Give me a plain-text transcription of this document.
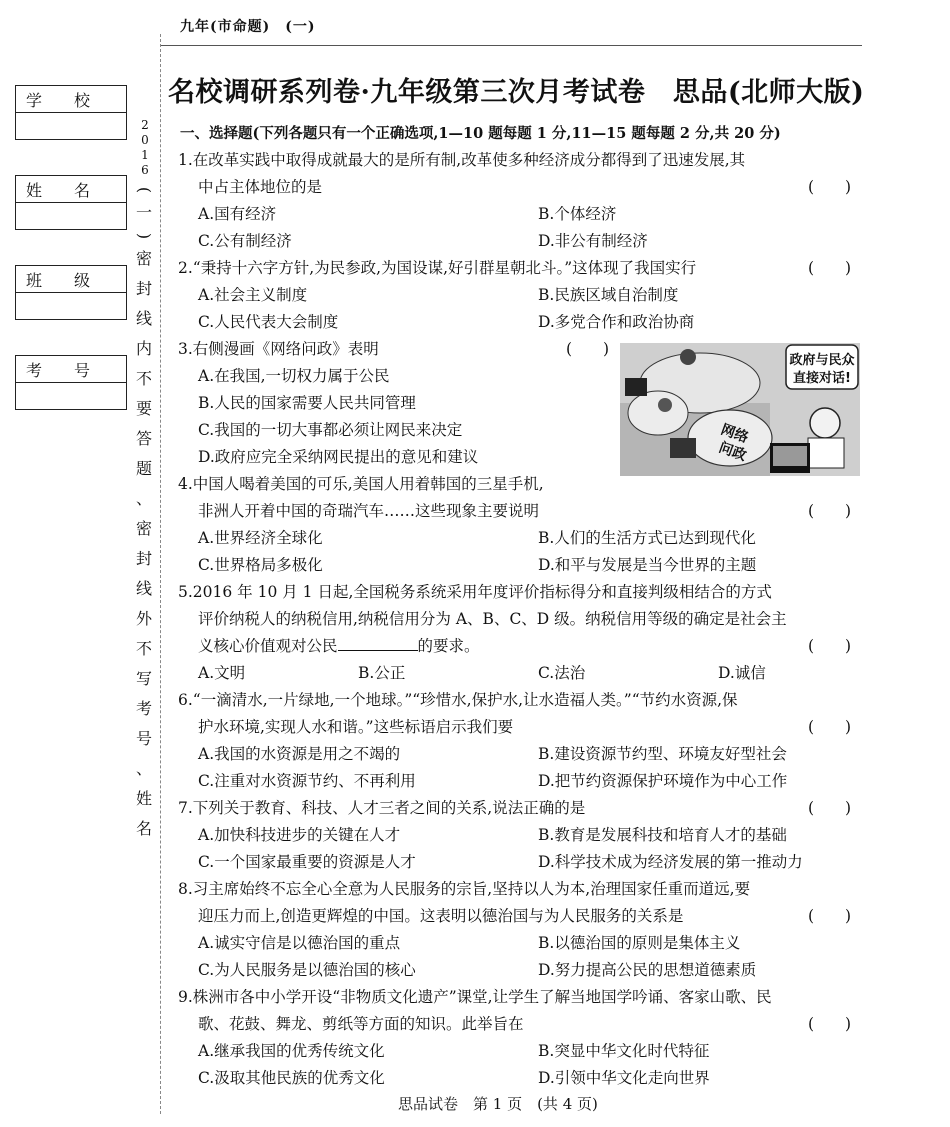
九年(市命题)　(一)
学　　校
姓　　名
班　　级
考　　号
2
0
1
6
(
一
)
密
封
线
内
不
要
答
题
、
密
封
线
外
不
写
考
号
、
姓
名
名校调研系列卷·九年级第三次月考试卷　思品(北师大版)
一、选择题(下列各题只有一个正确选项,1—10 题每题 1 分,11—15 题每题 2 分,共 20 分)
1.在改革实践中取得成就最大的是所有制,改革使多种经济成分都得到了迅速发展,其
中占主体地位的是	(　　)
A.国有经济	B.个体经济
C.公有制经济	D.非公有制经济
2.“秉持十六字方针,为民参政,为国设谋,好引群星朝北斗。”这体现了我国实行	(　　)
A.社会主义制度	B.民族区域自治制度
C.人民代表大会制度	D.多党合作和政治协商
3.右侧漫画《网络问政》表明	(　　)
A.在我国,一切权力属于公民
B.人民的国家需要人民共同管理
C.我国的一切大事都必须让网民来决定
D.政府应完全采纳网民提出的意见和建议
政府与民众
直接对话!
网络
问政
4.中国人喝着美国的可乐,美国人用着韩国的三星手机,
非洲人开着中国的奇瑞汽车……这些现象主要说明	(　　)
A.世界经济全球化	B.人们的生活方式已达到现代化
C.世界格局多极化	D.和平与发展是当今世界的主题
5.2016 年 10 月 1 日起,全国税务系统采用年度评价指标得分和直接判级相结合的方式
评价纳税人的纳税信用,纳税信用分为 A、B、C、D 级。纳税信用等级的确定是社会主
义核心价值观对公民	的要求。	(　　)
A.文明	B.公正	C.法治	D.诚信
6.“一滴清水,一片绿地,一个地球。”“珍惜水,保护水,让水造福人类。”“节约水资源,保
护水环境,实现人水和谐。”这些标语启示我们要	(　　)
A.我国的水资源是用之不竭的	B.建设资源节约型、环境友好型社会
C.注重对水资源节约、不再利用	D.把节约资源保护环境作为中心工作
7.下列关于教育、科技、人才三者之间的关系,说法正确的是	(　　)
A.加快科技进步的关键在人才	B.教育是发展科技和培育人才的基础
C.一个国家最重要的资源是人才	D.科学技术成为经济发展的第一推动力
8.习主席始终不忘全心全意为人民服务的宗旨,坚持以人为本,治理国家任重而道远,要
迎压力而上,创造更辉煌的中国。这表明以德治国与为人民服务的关系是	(　　)
A.诚实守信是以德治国的重点	B.以德治国的原则是集体主义
C.为人民服务是以德治国的核心	D.努力提高公民的思想道德素质
9.株洲市各中小学开设“非物质文化遗产”课堂,让学生了解当地国学吟诵、客家山歌、民
歌、花鼓、舞龙、剪纸等方面的知识。此举旨在	(　　)
A.继承我国的优秀传统文化	B.突显中华文化时代特征
C.汲取其他民族的优秀文化	D.引领中华文化走向世界
思品试卷　第 1 页　(共 4 页)
